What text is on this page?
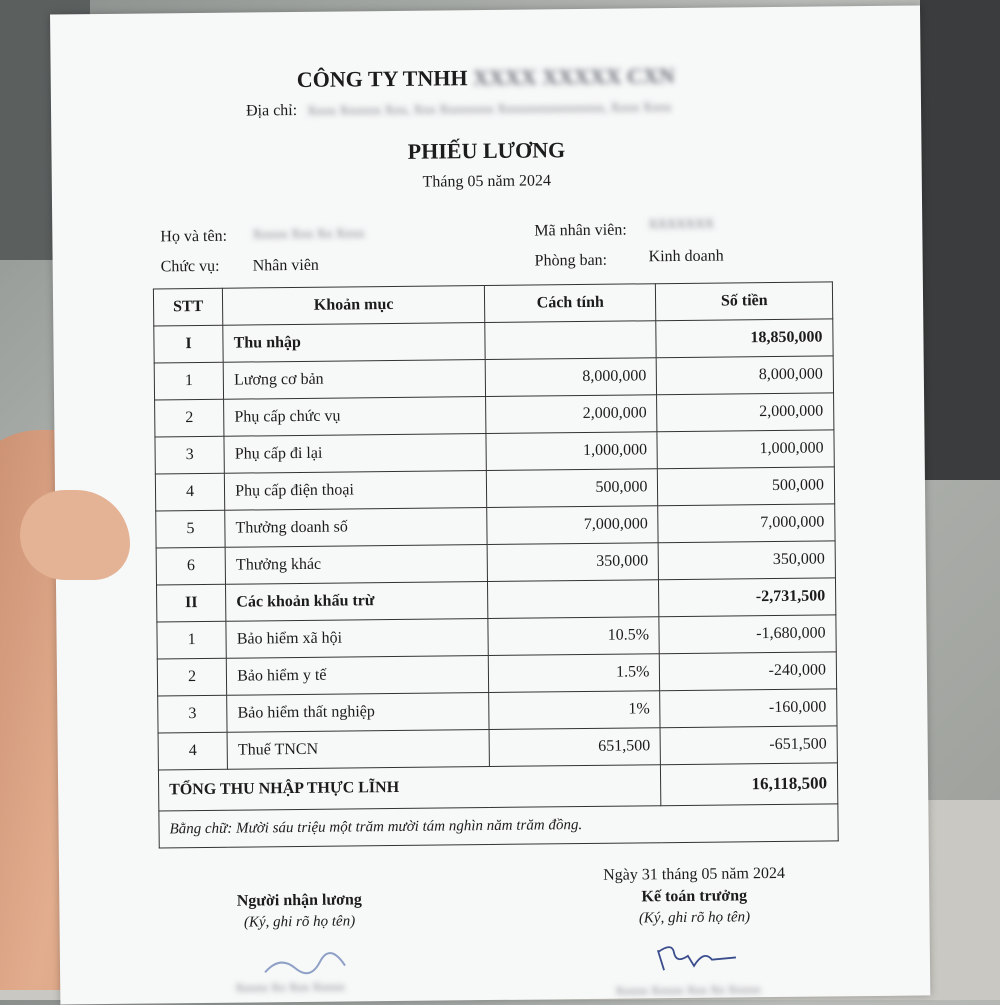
CÔNG TY TNHH XXXX XXXXX CXN
Địa chỉ: Xxxx Xxxxxx Xxx, Xxx Xxxxxxxx Xxxxxxxxxxxxxxxx, Xxxx Xxxx
PHIẾU LƯƠNG
Tháng 05 năm 2024
Họ và tên: Xxxxx Xxx Xx Xxxx	Mã nhân viên: XXXXXXX
Chức vụ: Nhân viên	Phòng ban:	Kinh doanh
STT	Khoản mục	Cách tính	Số tiền
I	Thu nhập		18,850,000
1	Lương cơ bản	8,000,000	8,000,000
2	Phụ cấp chức vụ	2,000,000	2,000,000
3	Phụ cấp đi lại	1,000,000	1,000,000
4	Phụ cấp điện thoại	500,000	500,000
5	Thưởng doanh số	7,000,000	7,000,000
6	Thưởng khác	350,000	350,000
II	Các khoản khấu trừ		-2,731,500
1	Bảo hiểm xã hội	10.5%	-1,680,000
2	Bảo hiểm y tế	1.5%	-240,000
3	Bảo hiểm thất nghiệp	1%	-160,000
4	Thuế TNCN	651,500	-651,500
TỔNG THU NHẬP THỰC LĨNH			16,118,500
Bằng chữ: Mười sáu triệu một trăm mười tám nghìn năm trăm đồng.			
Người nhận lương
(Ký, ghi rõ họ tên)
Xxxxx Xx Xxx Xxxxx
Ngày 31 tháng 05 năm 2024
Kế toán trưởng
(Ký, ghi rõ họ tên)
Xxxxx Xxxxx Xxx Xx Xxxxx
